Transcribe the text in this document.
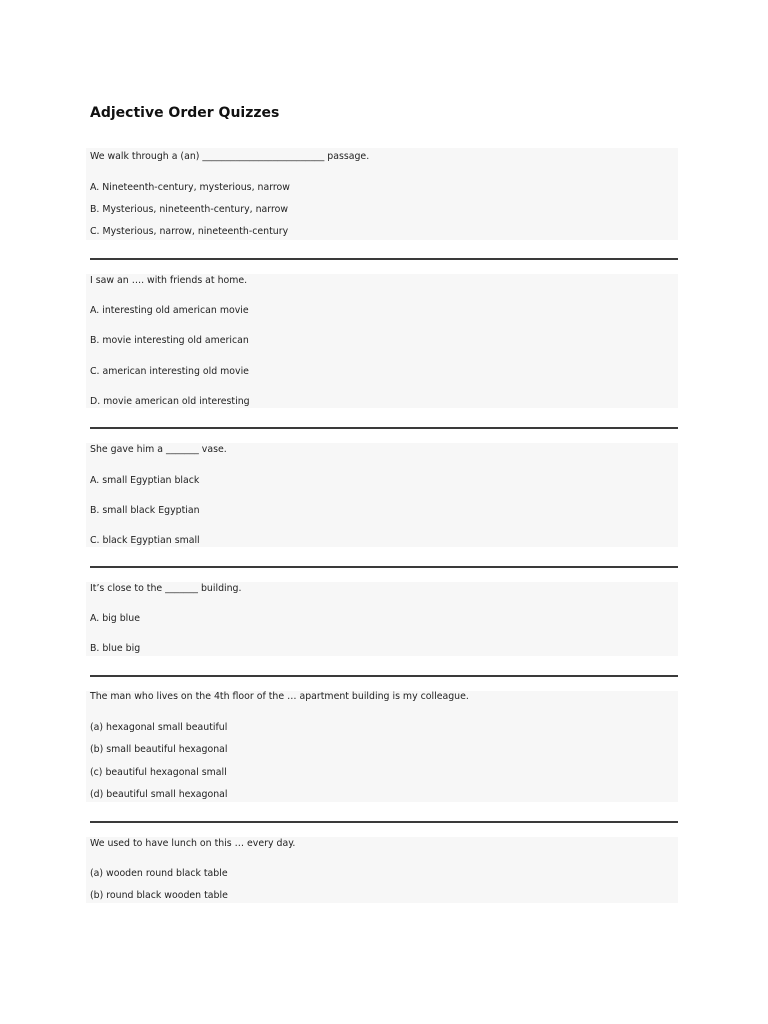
Adjective Order Quizzes
We walk through a (an) __________________________ passage.
A. Nineteenth-century, mysterious, narrow
B. Mysterious, nineteenth-century, narrow
C. Mysterious, narrow, nineteenth-century
I saw an …. with friends at home.
A. interesting old american movie
B. movie interesting old american
C. american interesting old movie
D. movie american old interesting
She gave him a _______ vase.
A. small Egyptian black
B. small black Egyptian
C. black Egyptian small
It’s close to the _______ building.
A. big blue
B. blue big
The man who lives on the 4th floor of the … apartment building is my colleague.
(a) hexagonal small beautiful
(b) small beautiful hexagonal
(c) beautiful hexagonal small
(d) beautiful small hexagonal
We used to have lunch on this … every day.
(a) wooden round black table
(b) round black wooden table
